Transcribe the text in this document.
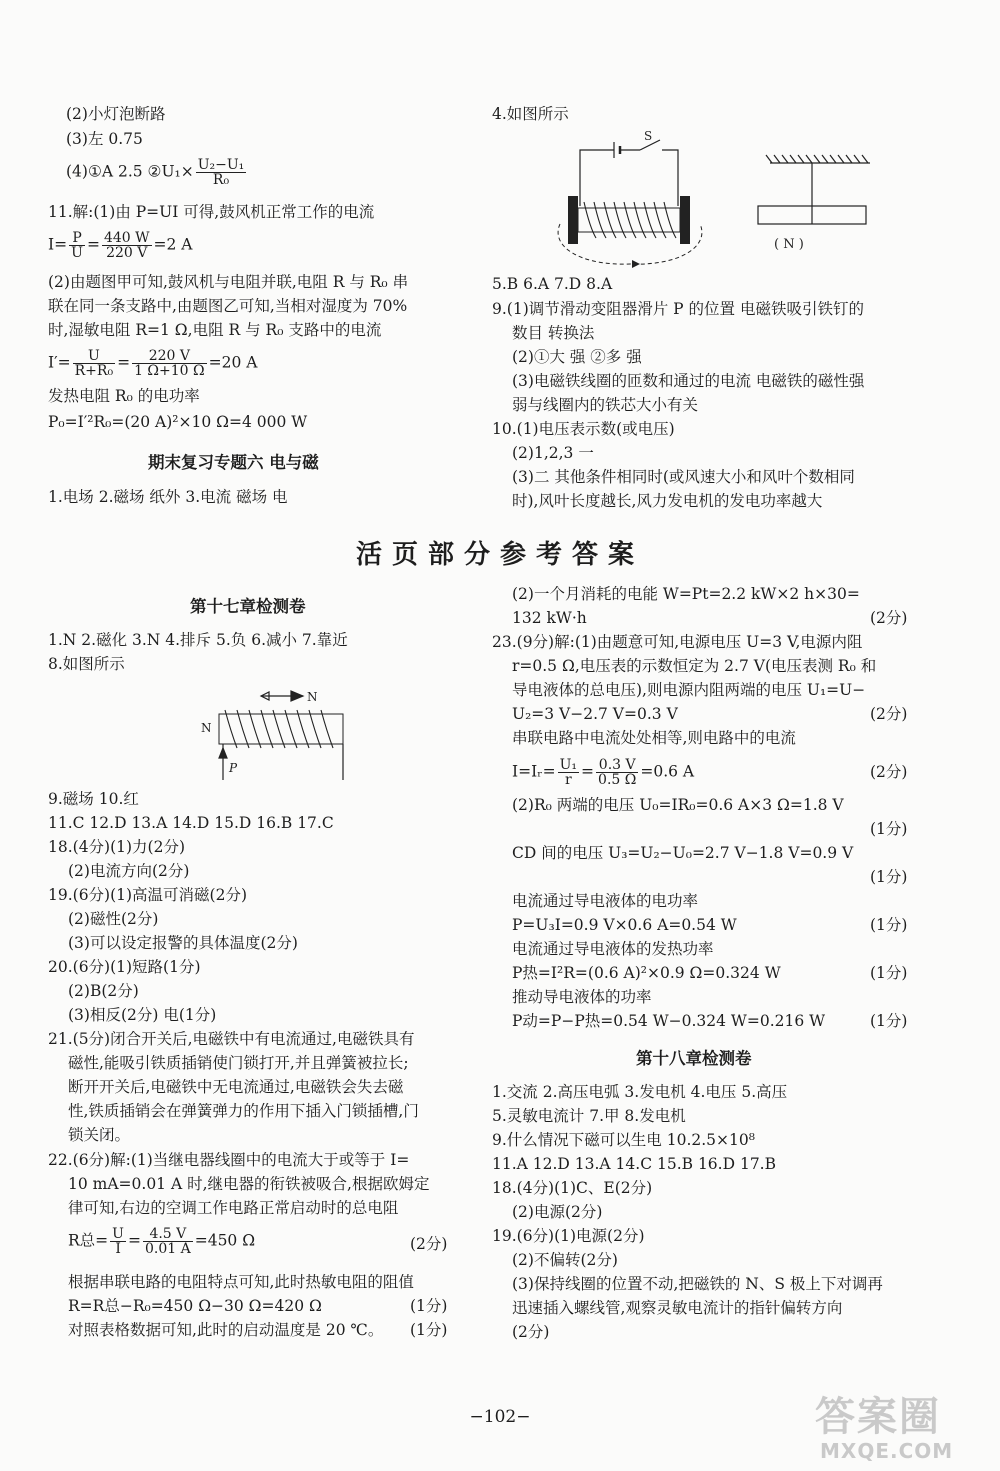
(2)小灯泡断路
(3)左 0.75
(4)①A 2.5 ②U₁× $\frac{\text{U₂−U₁}}{\text{R₀}}$
11.解:(1)由 P=UI 可得,鼓风机正常工作的电流
$I= \frac{P}{U} = \frac{440 W}{220 V} =2$ A
(2)由题图甲可知,鼓风机与电阻并联,电阻 R 与 R₀ 串
联在同一条支路中,由题图乙可知,当相对湿度为 70%
时,湿敏电阻 R=1 Ω,电阻 R 与 R₀ 支路中的电流
$I'= \frac{U}{\text{R+R₀}} = \frac{220 V}{1 \Omega+10 \Omega} =20$ A
发热电阻 R₀ 的电功率
P₀=I′²R₀=(20 A)²×10 Ω=4 000 W
期末复习专题六 电与磁
1.电场 2.磁场 纸外 3.电流 磁场 电
4.如图所示
S
( N )
5.B 6.A 7.D 8.A
9.(1)调节滑动变阻器滑片 P 的位置 电磁铁吸引铁钉的
数目 转换法
(2)①大 强 ②多 强
(3)电磁铁线圈的匝数和通过的电流 电磁铁的磁性强
弱与线圈内的铁芯大小有关
10.(1)电压表示数(或电压)
(2)1,2,3 一
(3)二 其他条件相同时(或风速大小和风叶个数相同
时),风叶长度越长,风力发电机的发电功率越大
活页部分参考答案
第十七章检测卷
1.N 2.磁化 3.N 4.排斥 5.负 6.减小 7.靠近
8.如图所示
N
N
P
9.磁场 10.红
11.C 12.D 13.A 14.D 15.D 16.B 17.C
18.(4分)(1)力(2分)
(2)电流方向(2分)
19.(6分)(1)高温可消磁(2分)
(2)磁性(2分)
(3)可以设定报警的具体温度(2分)
20.(6分)(1)短路(1分)
(2)B(2分)
(3)相反(2分) 电(1分)
21.(5分)闭合开关后,电磁铁中有电流通过,电磁铁具有
磁性,能吸引铁质插销使门锁打开,并且弹簧被拉长;
断开开关后,电磁铁中无电流通过,电磁铁会失去磁
性,铁质插销会在弹簧弹力的作用下插入门锁插槽,门
锁关闭。
22.(6分)解:(1)当继电器线圈中的电流大于或等于 I=
10 mA=0.01 A 时,继电器的衔铁被吸合,根据欧姆定
律可知,右边的空调工作电路正常启动时的总电阻
R总= $\frac{U}{I} = \frac{4.5 V}{0.01 A} =450$ Ω	(2分)
根据串联电路的电阻特点可知,此时热敏电阻的阻值
R=R总−R₀=450 Ω−30 Ω=420 Ω	(1分)
对照表格数据可知,此时的启动温度是 20 ℃。 (1分)
(2)一个月消耗的电能 W=Pt=2.2 kW×2 h×30=
132 kW·h	(2分)
23.(9分)解:(1)由题意可知,电源电压 U=3 V,电源内阻
r=0.5 Ω,电压表的示数恒定为 2.7 V(电压表测 R₀ 和
导电液体的总电压),则电源内阻两端的电压 U₁=U−
U₂=3 V−2.7 V=0.3 V	(2分)
串联电路中电流处处相等,则电路中的电流
I=Iᵣ= $\frac{\text{U₁}}{r} = \frac{0.3 V}{0.5 \Omega} =0.6$ A	(2分)
(2)R₀ 两端的电压 U₀=IR₀=0.6 A×3 Ω=1.8 V
(1分)
CD 间的电压 U₃=U₂−U₀=2.7 V−1.8 V=0.9 V
(1分)
电流通过导电液体的电功率
P=U₃I=0.9 V×0.6 A=0.54 W	(1分)
电流通过导电液体的发热功率
P热=I²R=(0.6 A)²×0.9 Ω=0.324 W	(1分)
推动导电液体的功率
P动=P−P热=0.54 W−0.324 W=0.216 W	(1分)
第十八章检测卷
1.交流 2.高压电弧 3.发电机 4.电压 5.高压
5.灵敏电流计 7.甲 8.发电机
9.什么情况下磁可以生电 10.2.5×10⁸
11.A 12.D 13.A 14.C 15.B 16.D 17.B
18.(4分)(1)C、E(2分)
(2)电源(2分)
19.(6分)(1)电源(2分)
(2)不偏转(2分)
(3)保持线圈的位置不动,把磁铁的 N、S 极上下对调再
迅速插入螺线管,观察灵敏电流计的指针偏转方向
(2分)
−102−	答案圈
MXQE.COM
